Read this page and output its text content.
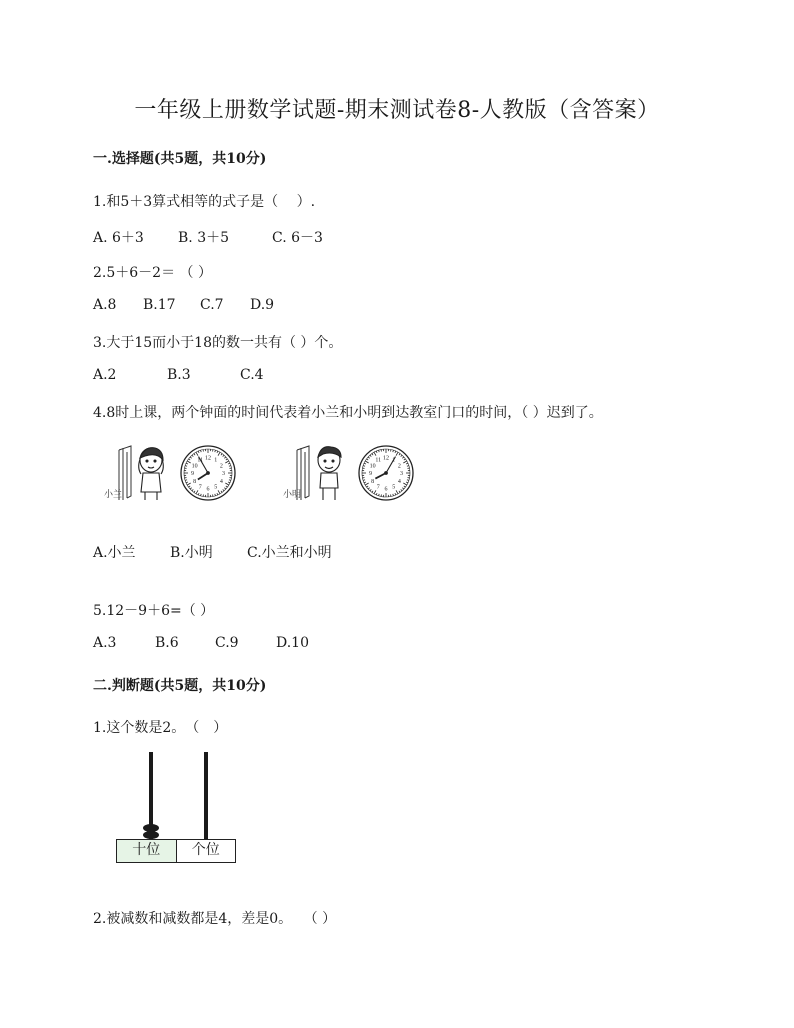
一年级上册数学试题-期末测试卷8-人教版（含答案）
一.选择题(共5题，共10分)
1.和5＋3算式相等的式子是（　 ）.
A. 6＋3 B. 3＋5	C. 6－3
2.5＋6－2＝ （ ）
A.8 B.17 C.7 D.9
3.大于15而小于18的数一共有（ ）个。
A.2	B.3	C.4
4.8时上课，两个钟面的时间代表着小兰和小明到达教室门口的时间，（ ）迟到了。
1
2
3
4
5
6
7
8
9
10
11 12
小兰
1
2
3
4
5
6
7
8
9
10
11 12
小明
A.小兰 B.小明 C.小兰和小明
5.12－9＋6=（ ）
A.3	B.6	C.9	D.10
二.判断题(共5题，共10分)
1.这个数是2。　（　）
十位	个位
2.被减数和减数都是4，差是0。　 （ ）
